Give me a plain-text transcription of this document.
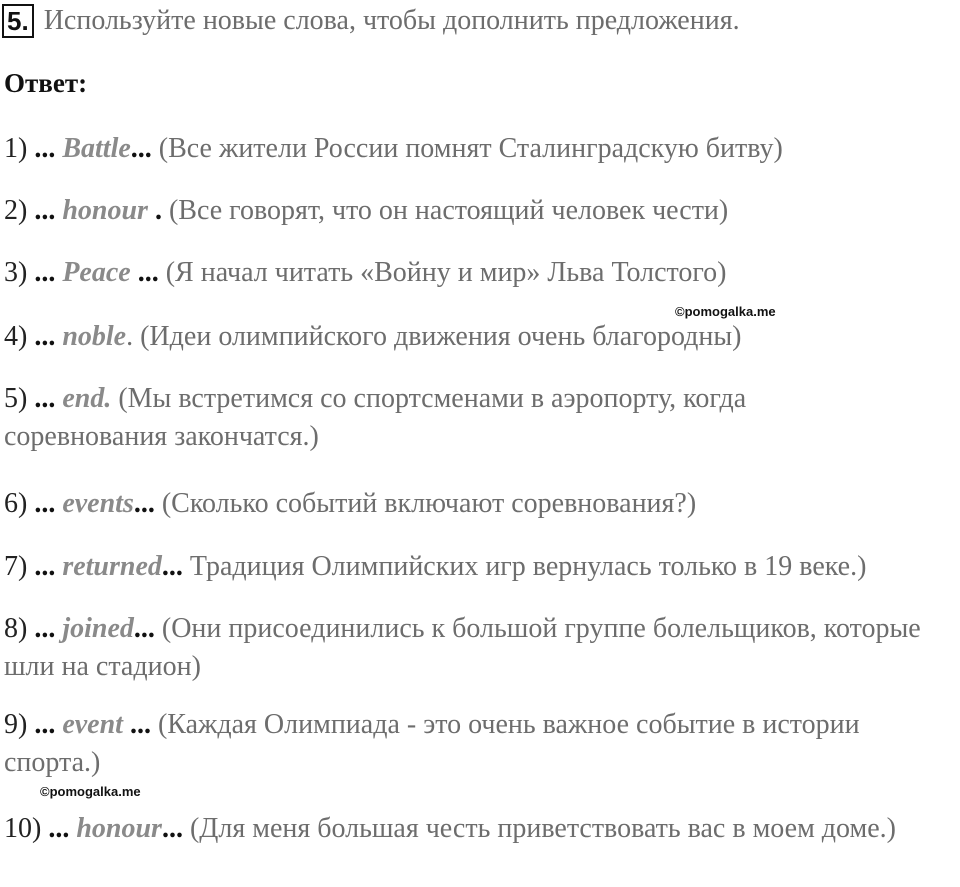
5. Используйте новые слова, чтобы дополнить предложения.
Ответ:
1) ... Battle... (Все жители России помнят Сталинградскую битву)
2) ... honour . (Все говорят, что он настоящий человек чести)
3) ... Peace ... (Я начал читать «Войну и мир» Льва Толстого)
©pomogalka.me
4) ... noble. (Идеи олимпийского движения очень благородны)
5) ... end. (Мы встретимся со спортсменами в аэропорту, когда соревнования закончатся.)
6) ... events... (Сколько событий включают соревнования?)
7) ... returned... Традиция Олимпийских игр вернулась только в 19 веке.)
8) ... joined... (Они присоединились к большой группе болельщиков, которые шли на стадион)
9) ... event ... (Каждая Олимпиада - это очень важное событие в истории спорта.)
©pomogalka.me
10) ... honour... (Для меня большая честь приветствовать вас в моем доме.)
